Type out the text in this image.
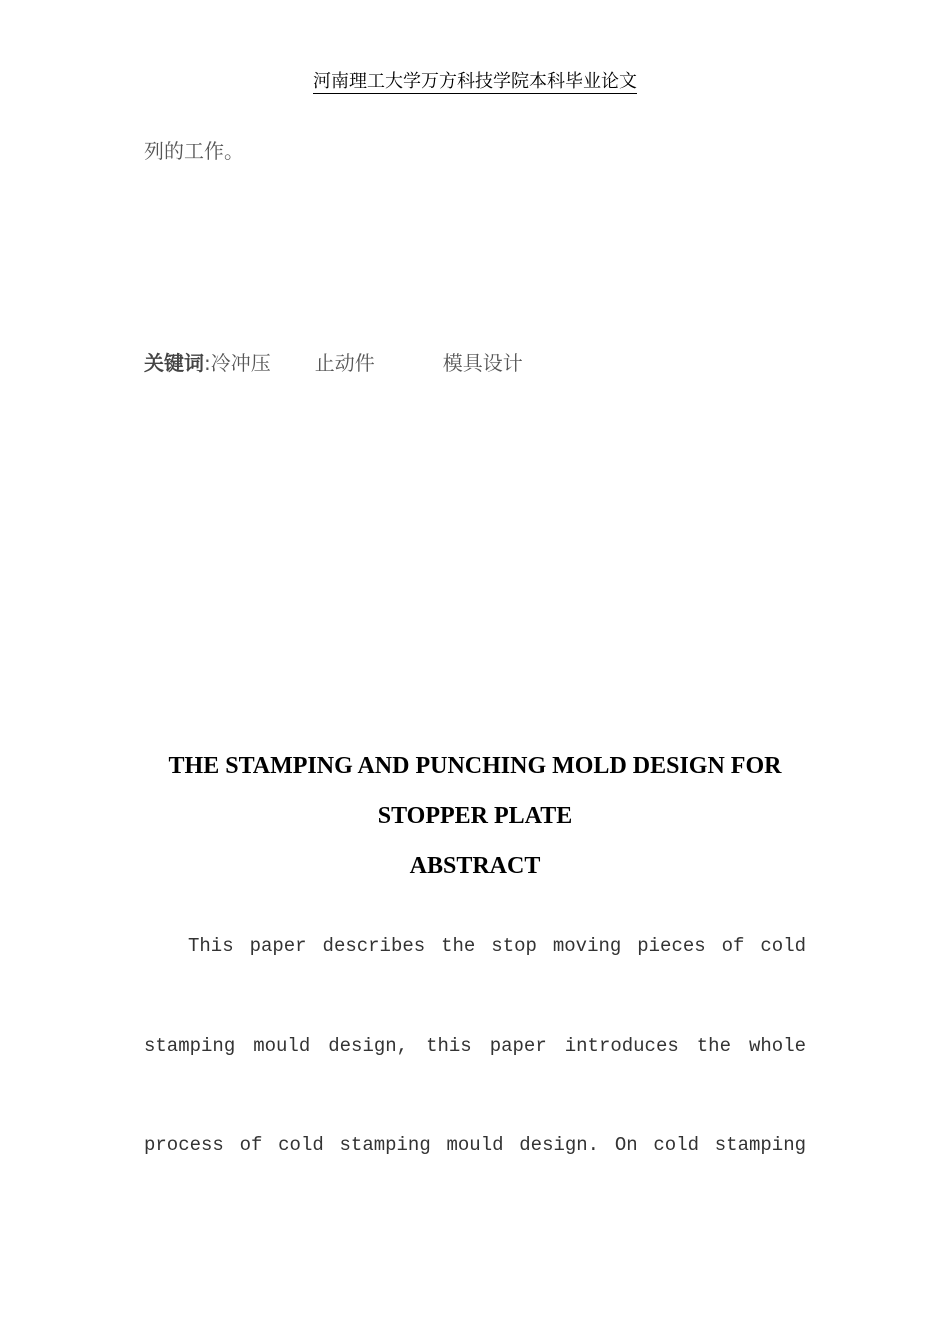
河南理工大学万方科技学院本科毕业论文
列的工作。
关键词:冷冲压 止动件	模具设计
THE STAMPING AND PUNCHING MOLD DESIGN FOR
STOPPER PLATE
ABSTRACT
This paper describes the stop moving pieces of cold
stamping mould design, this paper introduces the whole
process of cold stamping mould design. On cold stamping
